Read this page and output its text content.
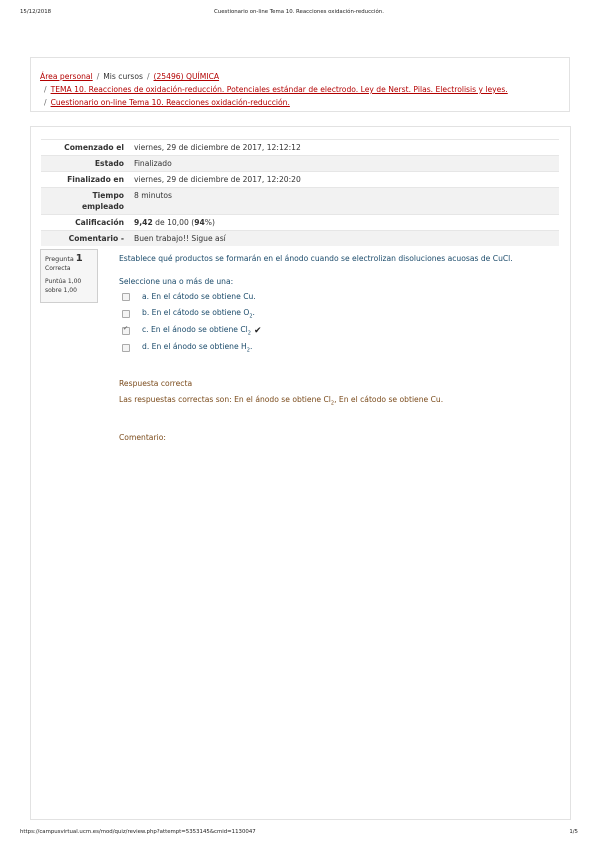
15/12/2018	Cuestionario on-line Tema 10. Reacciones oxidación-reducción.
Área personal / Mis cursos / (25496) QUÍMICA
/ TEMA 10. Reacciones de oxidación-reducción. Potenciales estándar de electrodo. Ley de Nerst. Pilas. Electrolisis y leyes.
/ Cuestionario on-line Tema 10. Reacciones oxidación-reducción.
Comenzado el	viernes, 29 de diciembre de 2017, 12:12:12
Estado	Finalizado
Finalizado en	viernes, 29 de diciembre de 2017, 12:20:20
Tiempo
empleado	8 minutos
Calificación	9,42 de 10,00 (94%)
Comentario -	Buen trabajo!! Sigue así
Pregunta 1
Correcta
Puntúa 1,00
sobre 1,00
Establece qué productos se formarán en el ánodo cuando se electrolizan disoluciones acuosas de CuCl.
Seleccione una o más de una:
a. En el cátodo se obtiene Cu.
b. En el cátodo se obtiene $O_2$.
✔
c. En el ánodo se obtiene $Cl_2$ ✔
d. En el ánodo se obtiene $H_2$.
Respuesta correcta
Las respuestas correctas son: En el ánodo se obtiene $Cl_2$, En el cátodo se obtiene Cu.
Comentario:
https://campusvirtual.ucm.es/mod/quiz/review.php?attempt=5353145&cmid=1130047	1/5
